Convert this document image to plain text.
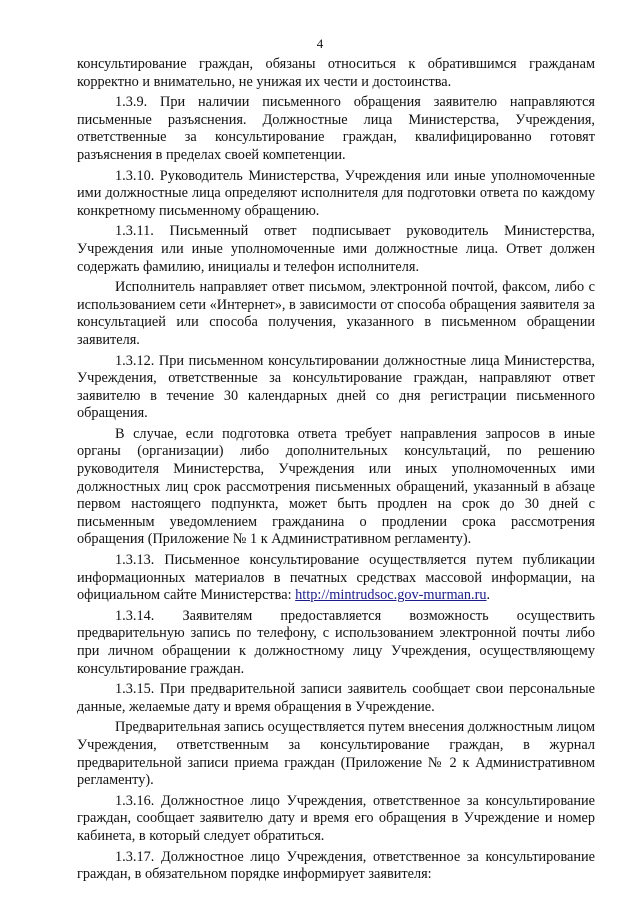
4

консультирование граждан, обязаны относиться к обратившимся гражданам корректно и внимательно, не унижая их чести и достоинства.

1.3.9. При наличии письменного обращения заявителю направляются письменные разъяснения. Должностные лица Министерства, Учреждения, ответственные за консультирование граждан, квалифицированно готовят разъяснения в пределах своей компетенции.

1.3.10. Руководитель Министерства, Учреждения или иные уполномоченные ими должностные лица определяют исполнителя для подготовки ответа по каждому конкретному письменному обращению.

1.3.11. Письменный ответ подписывает руководитель Министерства, Учреждения или иные уполномоченные ими должностные лица. Ответ должен содержать фамилию, инициалы и телефон исполнителя.

Исполнитель направляет ответ письмом, электронной почтой, факсом, либо с использованием сети «Интернет», в зависимости от способа обращения заявителя за консультацией или способа получения, указанного в письменном обращении заявителя.

1.3.12. При письменном консультировании должностные лица Министерства, Учреждения, ответственные за консультирование граждан, направляют ответ заявителю в течение 30 календарных дней со дня регистрации письменного обращения.

В случае, если подготовка ответа требует направления запросов в иные органы (организации) либо дополнительных консультаций, по решению руководителя Министерства, Учреждения или иных уполномоченных ими должностных лиц срок рассмотрения письменных обращений, указанный в абзаце первом настоящего подпункта, может быть продлен на срок до 30 дней с письменным уведомлением гражданина о продлении срока рассмотрения обращения (Приложение № 1 к Административном регламенту).

1.3.13. Письменное консультирование осуществляется путем публикации информационных материалов в печатных средствах массовой информации, на официальном сайте Министерства: http://mintrudsoc.gov-murman.ru.

1.3.14. Заявителям предоставляется возможность осуществить предварительную запись по телефону, с использованием электронной почты либо при личном обращении к должностному лицу Учреждения, осуществляющему консультирование граждан.

1.3.15. При предварительной записи заявитель сообщает свои персональные данные, желаемые дату и время обращения в Учреждение.

Предварительная запись осуществляется путем внесения должностным лицом Учреждения, ответственным за консультирование граждан, в журнал предварительной записи приема граждан (Приложение № 2 к Административном регламенту).

1.3.16. Должностное лицо Учреждения, ответственное за консультирование граждан, сообщает заявителю дату и время его обращения в Учреждение и номер кабинета, в который следует обратиться.

1.3.17. Должностное лицо Учреждения, ответственное за консультирование граждан, в обязательном порядке информирует заявителя:
